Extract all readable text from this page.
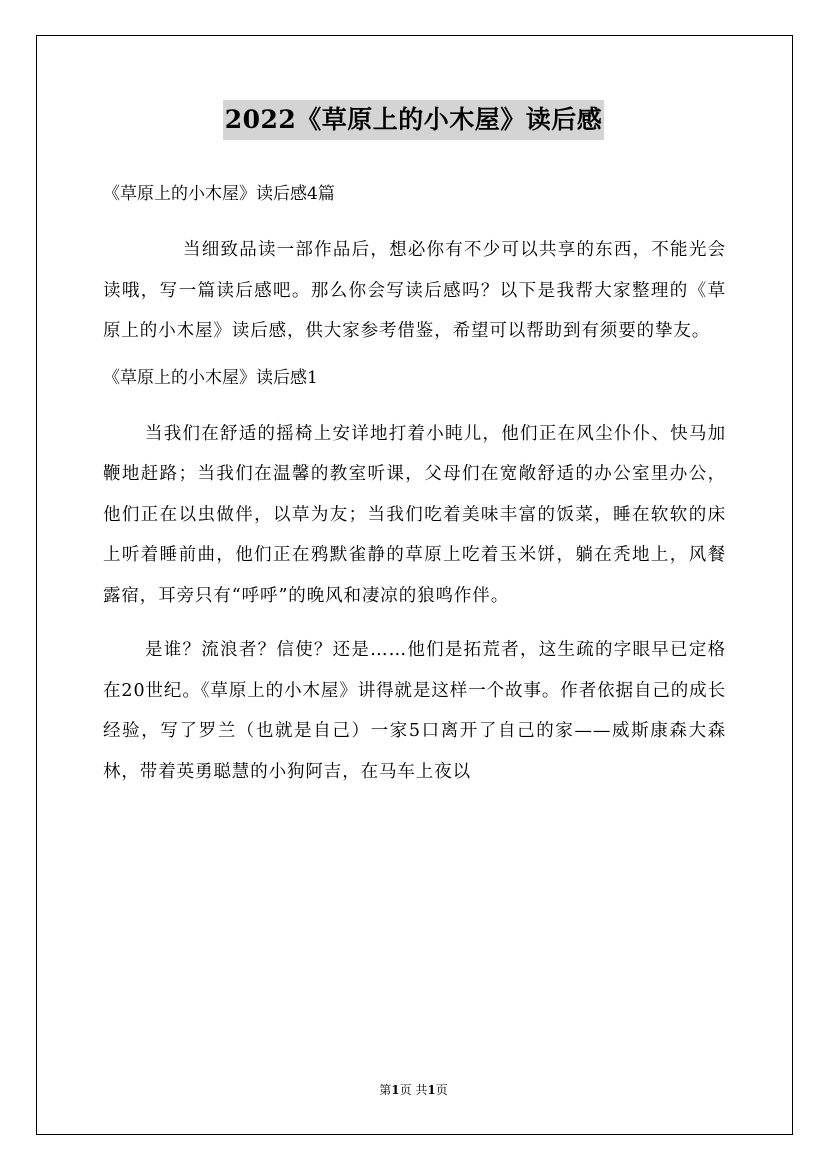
2022《草原上的小木屋》读后感

《草原上的小木屋》读后感4篇

当细致品读一部作品后，想必你有不少可以共享的东西，不能光会读哦，写一篇读后感吧。那么你会写读后感吗？以下是我帮大家整理的《草原上的小木屋》读后感，供大家参考借鉴，希望可以帮助到有须要的挚友。

《草原上的小木屋》读后感1

当我们在舒适的摇椅上安详地打着小盹儿，他们正在风尘仆仆、快马加鞭地赶路；当我们在温馨的教室听课，父母们在宽敞舒适的办公室里办公，他们正在以虫做伴，以草为友；当我们吃着美味丰富的饭菜，睡在软软的床上听着睡前曲，他们正在鸦默雀静的草原上吃着玉米饼，躺在秃地上，风餐露宿，耳旁只有“呼呼”的晚风和凄凉的狼鸣作伴。

是谁？流浪者？信使？还是……他们是拓荒者，这生疏的字眼早已定格在20世纪。《草原上的小木屋》讲得就是这样一个故事。作者依据自己的成长经验，写了罗兰（也就是自己）一家5口离开了自己的家——威斯康森大森林，带着英勇聪慧的小狗阿吉，在马车上夜以

第1页 共1页
